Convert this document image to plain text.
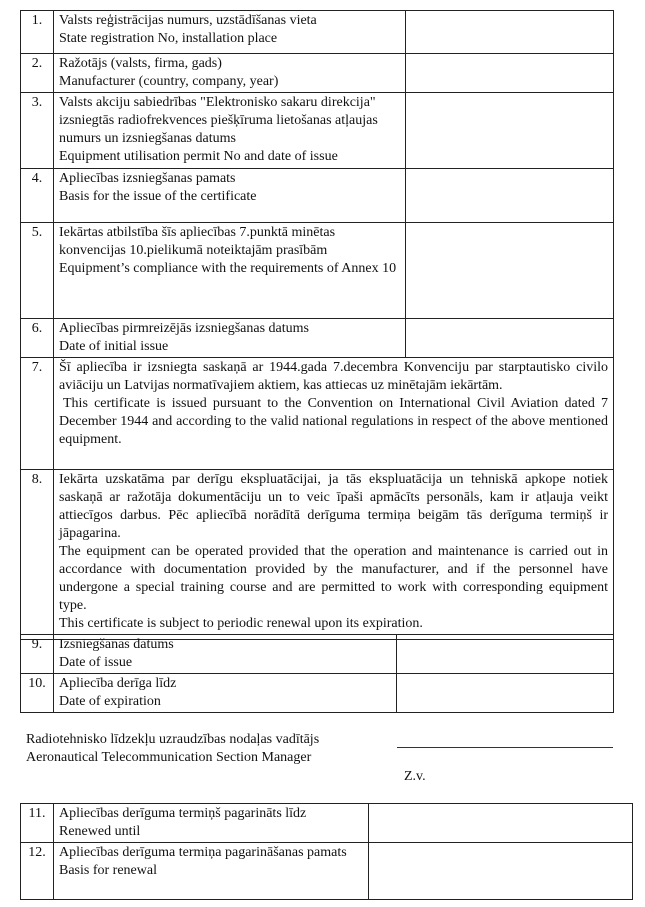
1.	Valsts reģistrācijas numurs, uzstādīšanas vieta
State registration No, installation place	

2.	Ražotājs (valsts, firma, gads)
Manufacturer (country, company, year)	

3.	Valsts akciju sabiedrības "Elektronisko sakaru direkcija" izsniegtās radiofrekvences piešķīruma lietošanas atļaujas numurs un izsniegšanas datums
Equipment utilisation permit No and date of issue	

4.	Apliecības izsniegšanas pamats
Basis for the issue of the certificate	

5.	Iekārtas atbilstība šīs apliecības 7.punktā minētas konvencijas 10.pielikumā noteiktajām prasībām
Equipment’s compliance with the requirements of Annex 10	

6.	Apliecības pirmreizējās izsniegšanas datums
Date of initial issue	

7.	Šī apliecība ir izsniegta saskaņā ar 1944.gada 7.decembra Konvenciju par starptautisko civilo aviāciju un Latvijas normatīvajiem aktiem, kas attiecas uz minētajām iekārtām.
This certificate is issued pursuant to the Convention on International Civil Aviation dated 7 December 1944 and according to the valid national regulations in respect of the above mentioned equipment.	

8.	Iekārta uzskatāma par derīgu ekspluatācijai, ja tās ekspluatācija un tehniskā apkope notiek saskaņā ar ražotāja dokumentāciju un to veic īpaši apmācīts personāls, kam ir atļauja veikt attiecīgos darbus. Pēc apliecībā norādītā derīguma termiņa beigām tās derīguma termiņš ir jāpagarina.
The equipment can be operated provided that the operation and maintenance is carried out in accordance with documentation provided by the manufacturer, and if the personnel have undergone a special training course and are permitted to work with corresponding equipment type.
This certificate is subject to periodic renewal upon its expiration.	
9.	Izsniegšanas datums
Date of issue	

10.	Apliecība derīga līdz
Date of expiration	

Radiotehnisko līdzekļu uzraudzības nodaļas vadītājs
Aeronautical Telecommunication Section Manager
Z.v.
11.	Apliecības derīguma termiņš pagarināts līdz
Renewed until	

12.	Apliecības derīguma termiņa pagarināšanas pamats
Basis for renewal	
